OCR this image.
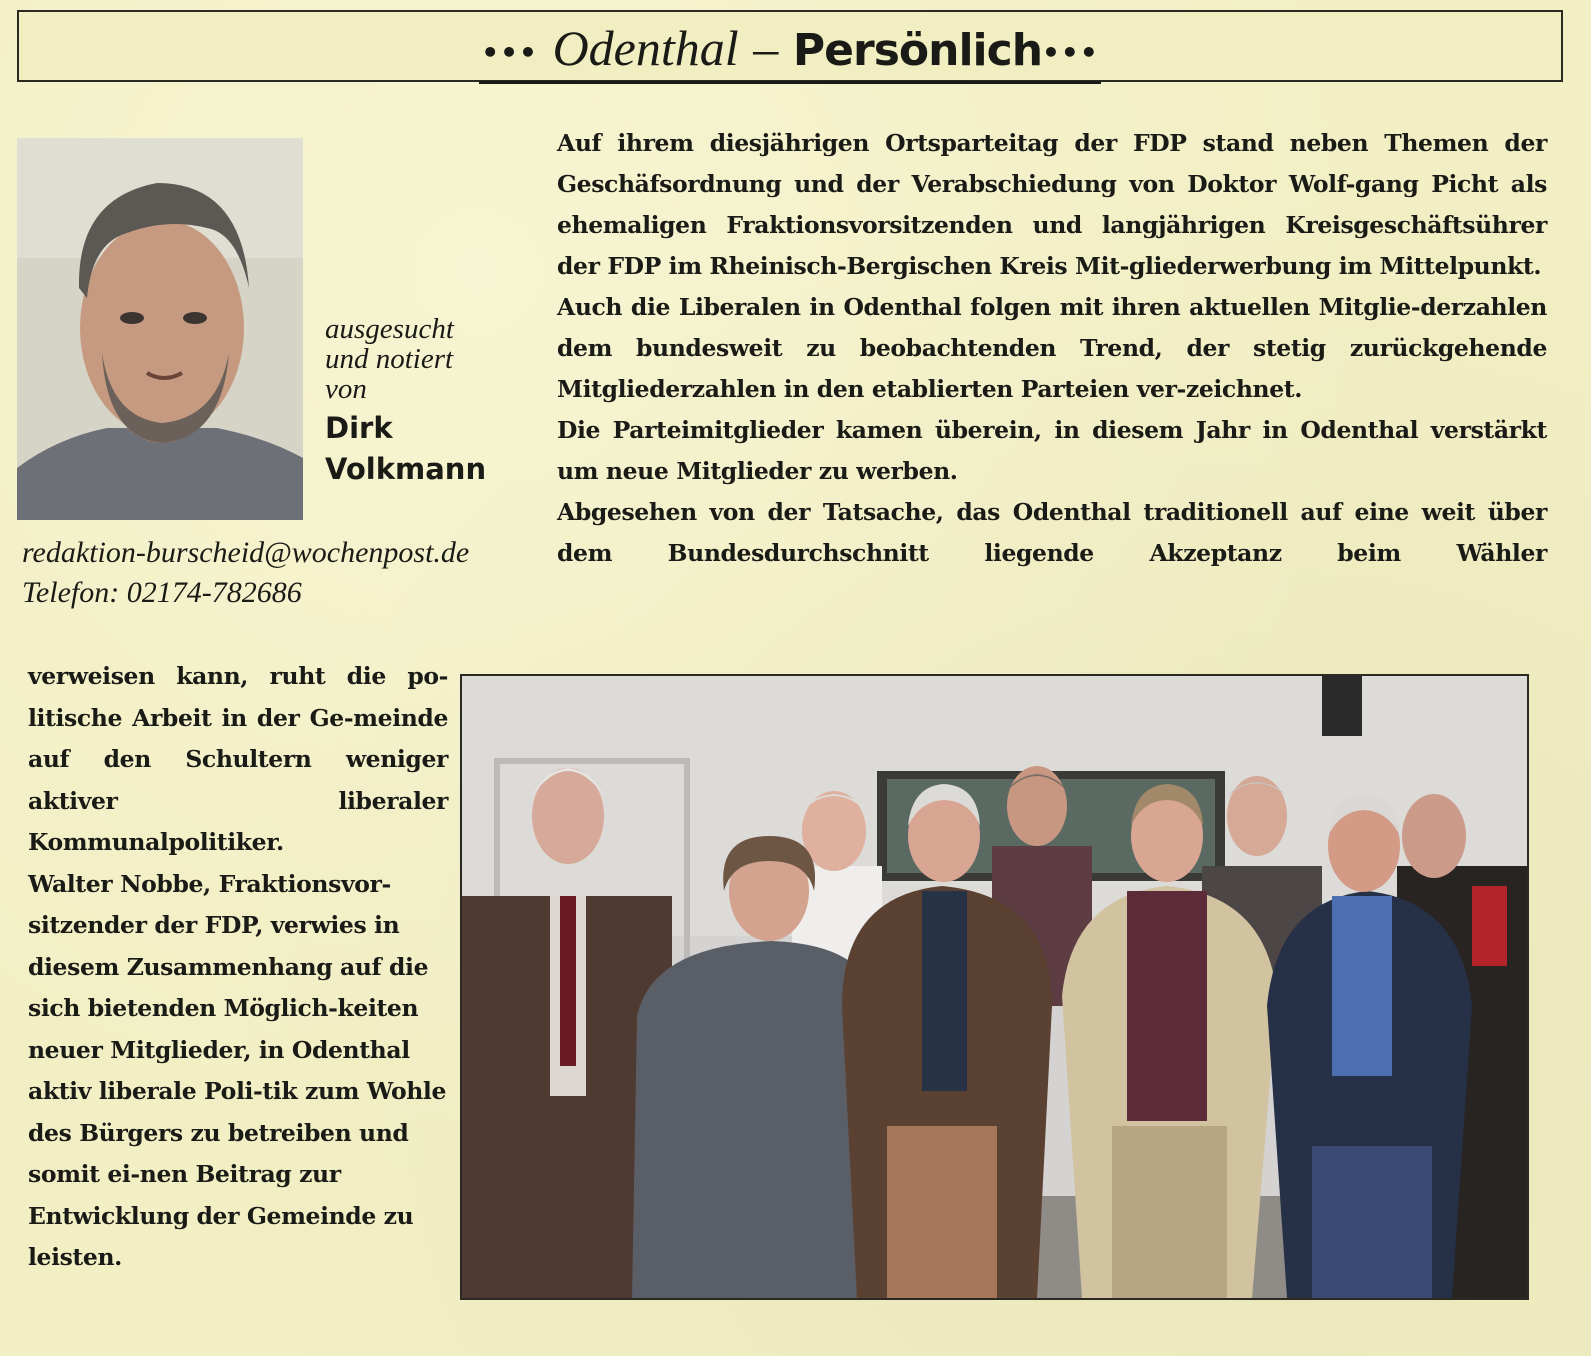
••• Odenthal – Persönlich•••
ausgesucht
und notiert
von
Dirk
Volkmann
redaktion-burscheid@wochenpost.de
Telefon: 02174-782686

Auf ihrem diesjährigen Ortsparteitag der FDP stand neben Themen der Geschäfsordnung und der Verabschiedung von Doktor Wolf-gang Picht als ehemaligen Fraktionsvorsitzenden und langjährigen Kreisgeschäftsührer der FDP im Rheinisch-Bergischen Kreis Mit-gliederwerbung im Mittelpunkt.

Auch die Liberalen in Odenthal folgen mit ihren aktuellen Mitglie-derzahlen dem bundesweit zu beobachtenden Trend, der stetig zurückgehende Mitgliederzahlen in den etablierten Parteien ver-zeichnet.

Die Parteimitglieder kamen überein, in diesem Jahr in Odenthal verstärkt um neue Mitglieder zu werben.

Abgesehen von der Tatsache, das Odenthal traditionell auf eine weit über dem Bundesdurchschnitt liegende Akzeptanz beim Wähler

verweisen kann, ruht die po-litische Arbeit in der Ge-meinde auf den Schultern weniger aktiver liberaler Kommunalpolitiker.

Walter Nobbe, Fraktionsvor-sitzender der FDP, verwies in diesem Zusammenhang auf die sich bietenden Möglich-keiten neuer Mitglieder, in Odenthal aktiv liberale Poli-tik zum Wohle des Bürgers zu betreiben und somit ei-nen Beitrag zur Entwicklung der Gemeinde zu leisten.
